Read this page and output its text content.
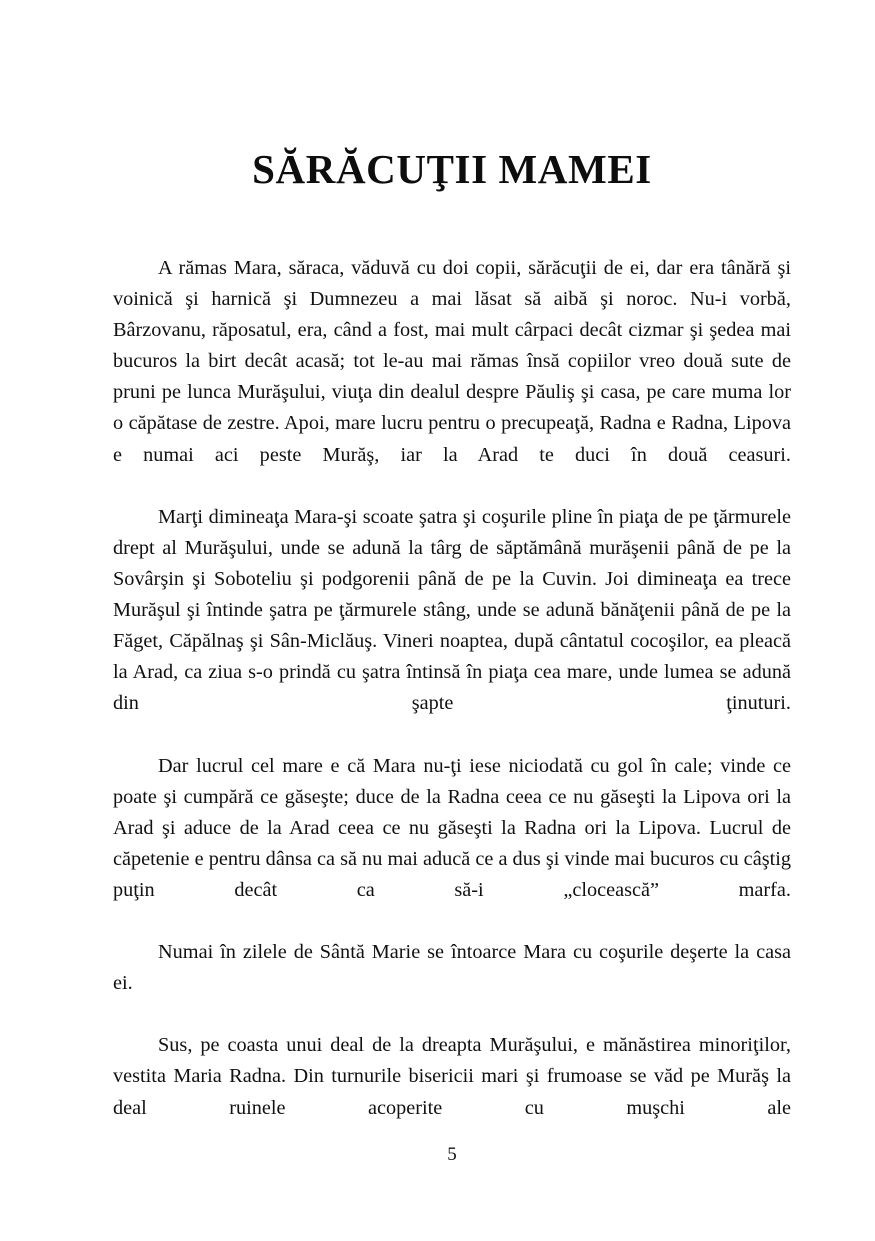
SĂRĂCUŢII MAMEI

A rămas Mara, săraca, văduvă cu doi copii, sărăcuţii de ei, dar era tânără şi voinică şi harnică şi Dumnezeu a mai lăsat să aibă şi noroc. Nu-i vorbă, Bârzovanu, răposatul, era, când a fost, mai mult cârpaci decât cizmar şi şedea mai bucuros la birt decât acasă; tot le-au mai rămas însă copiilor vreo două sute de pruni pe lunca Murăşului, viuţa din dealul despre Păuliş şi casa, pe care muma lor o căpătase de zestre. Apoi, mare lucru pentru o precupeaţă, Radna e Radna, Lipova e numai aci peste Murăş, iar la Arad te duci în două ceasuri.

Marţi dimineaţa Mara-şi scoate şatra şi coşurile pline în piaţa de pe ţărmurele drept al Murăşului, unde se adună la târg de săptămână murăşenii până de pe la Sovârşin şi Soboteliu şi podgorenii până de pe la Cuvin. Joi dimineaţa ea trece Murăşul şi întinde şatra pe ţărmurele stâng, unde se adună bănăţenii până de pe la Făget, Căpălnaş şi Sân-Miclăuş. Vineri noaptea, după cântatul cocoşilor, ea pleacă la Arad, ca ziua s-o prindă cu şatra întinsă în piaţa cea mare, unde lumea se adună din şapte ţinuturi.

Dar lucrul cel mare e că Mara nu-ţi iese niciodată cu gol în cale; vinde ce poate şi cumpără ce găseşte; duce de la Radna ceea ce nu găseşti la Lipova ori la Arad şi aduce de la Arad ceea ce nu găseşti la Radna ori la Lipova. Lucrul de căpetenie e pentru dânsa ca să nu mai aducă ce a dus şi vinde mai bucuros cu câştig puţin decât ca să-i „clocească” marfa.

Numai în zilele de Sântă Marie se întoarce Mara cu coşurile deşerte la casa ei.

Sus, pe coasta unui deal de la dreapta Murăşului, e mănăstirea minoriţilor, vestita Maria Radna. Din turnurile bisericii mari şi frumoase se văd pe Murăş la deal ruinele acoperite cu muşchi ale

5
